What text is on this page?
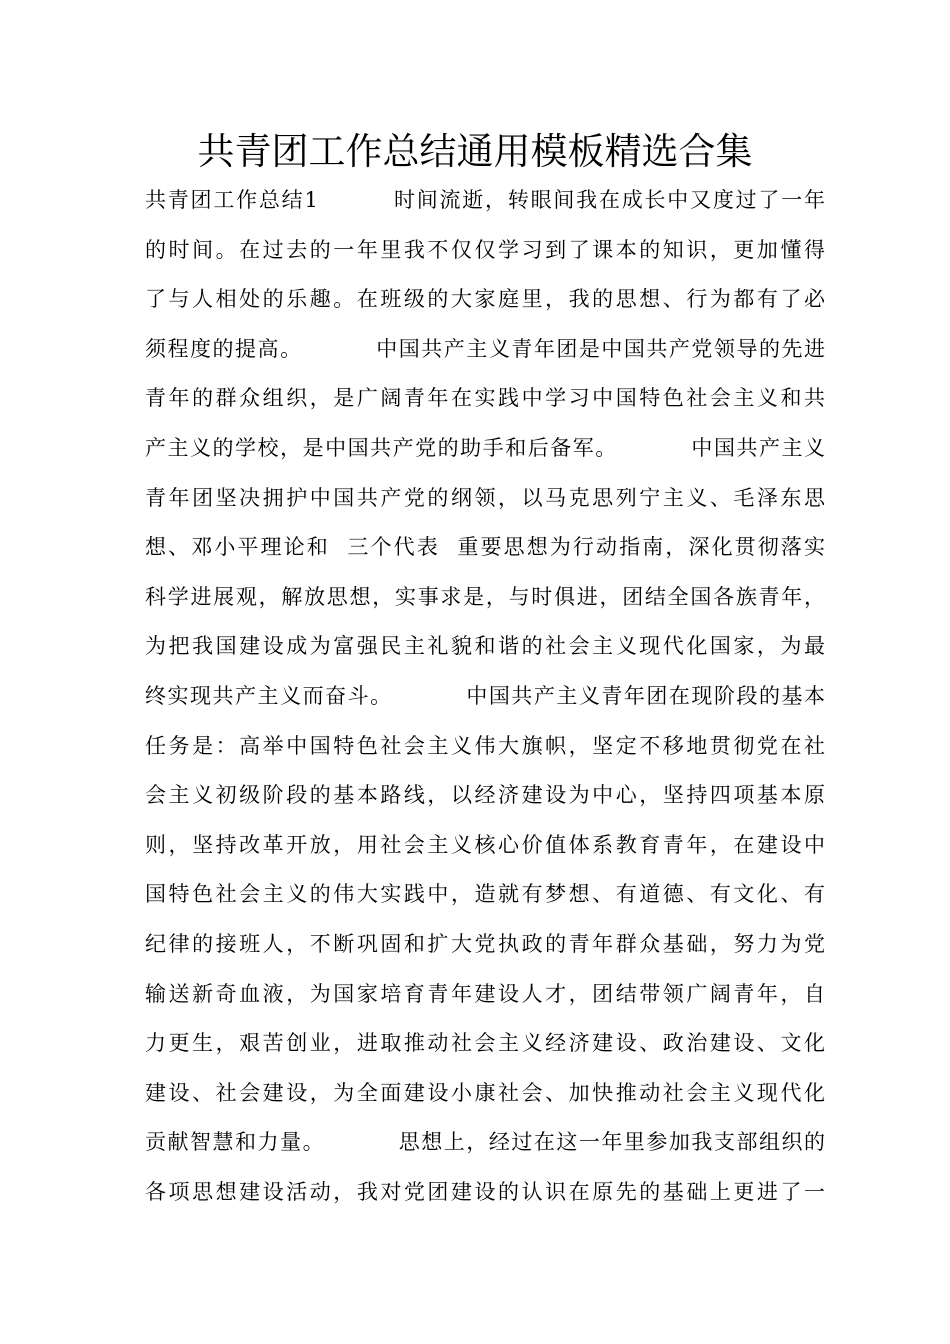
共青团工作总结通用模板精选合集
共青团工作总结1         时间流逝，转眼间我在成长中又度过了一年
的时间。在过去的一年里我不仅仅学习到了课本的知识，更加懂得
了与人相处的乐趣。在班级的大家庭里，我的思想、行为都有了必
须程度的提高。         中国共产主义青年团是中国共产党领导的先进
青年的群众组织，是广阔青年在实践中学习中国特色社会主义和共
产主义的学校，是中国共产党的助手和后备军。         中国共产主义
青年团坚决拥护中国共产党的纲领，以马克思列宁主义、毛泽东思
想、邓小平理论和  三个代表  重要思想为行动指南，深化贯彻落实
科学进展观，解放思想，实事求是，与时俱进，团结全国各族青年，
为把我国建设成为富强民主礼貌和谐的社会主义现代化国家，为最
终实现共产主义而奋斗。         中国共产主义青年团在现阶段的基本
任务是：高举中国特色社会主义伟大旗帜，坚定不移地贯彻党在社
会主义初级阶段的基本路线，以经济建设为中心，坚持四项基本原
则，坚持改革开放，用社会主义核心价值体系教育青年，在建设中
国特色社会主义的伟大实践中，造就有梦想、有道德、有文化、有
纪律的接班人，不断巩固和扩大党执政的青年群众基础，努力为党
输送新奇血液，为国家培育青年建设人才，团结带领广阔青年，自
力更生，艰苦创业，进取推动社会主义经济建设、政治建设、文化
建设、社会建设，为全面建设小康社会、加快推动社会主义现代化
贡献智慧和力量。         思想上，经过在这一年里参加我支部组织的
各项思想建设活动，我对党团建设的认识在原先的基础上更进了一
